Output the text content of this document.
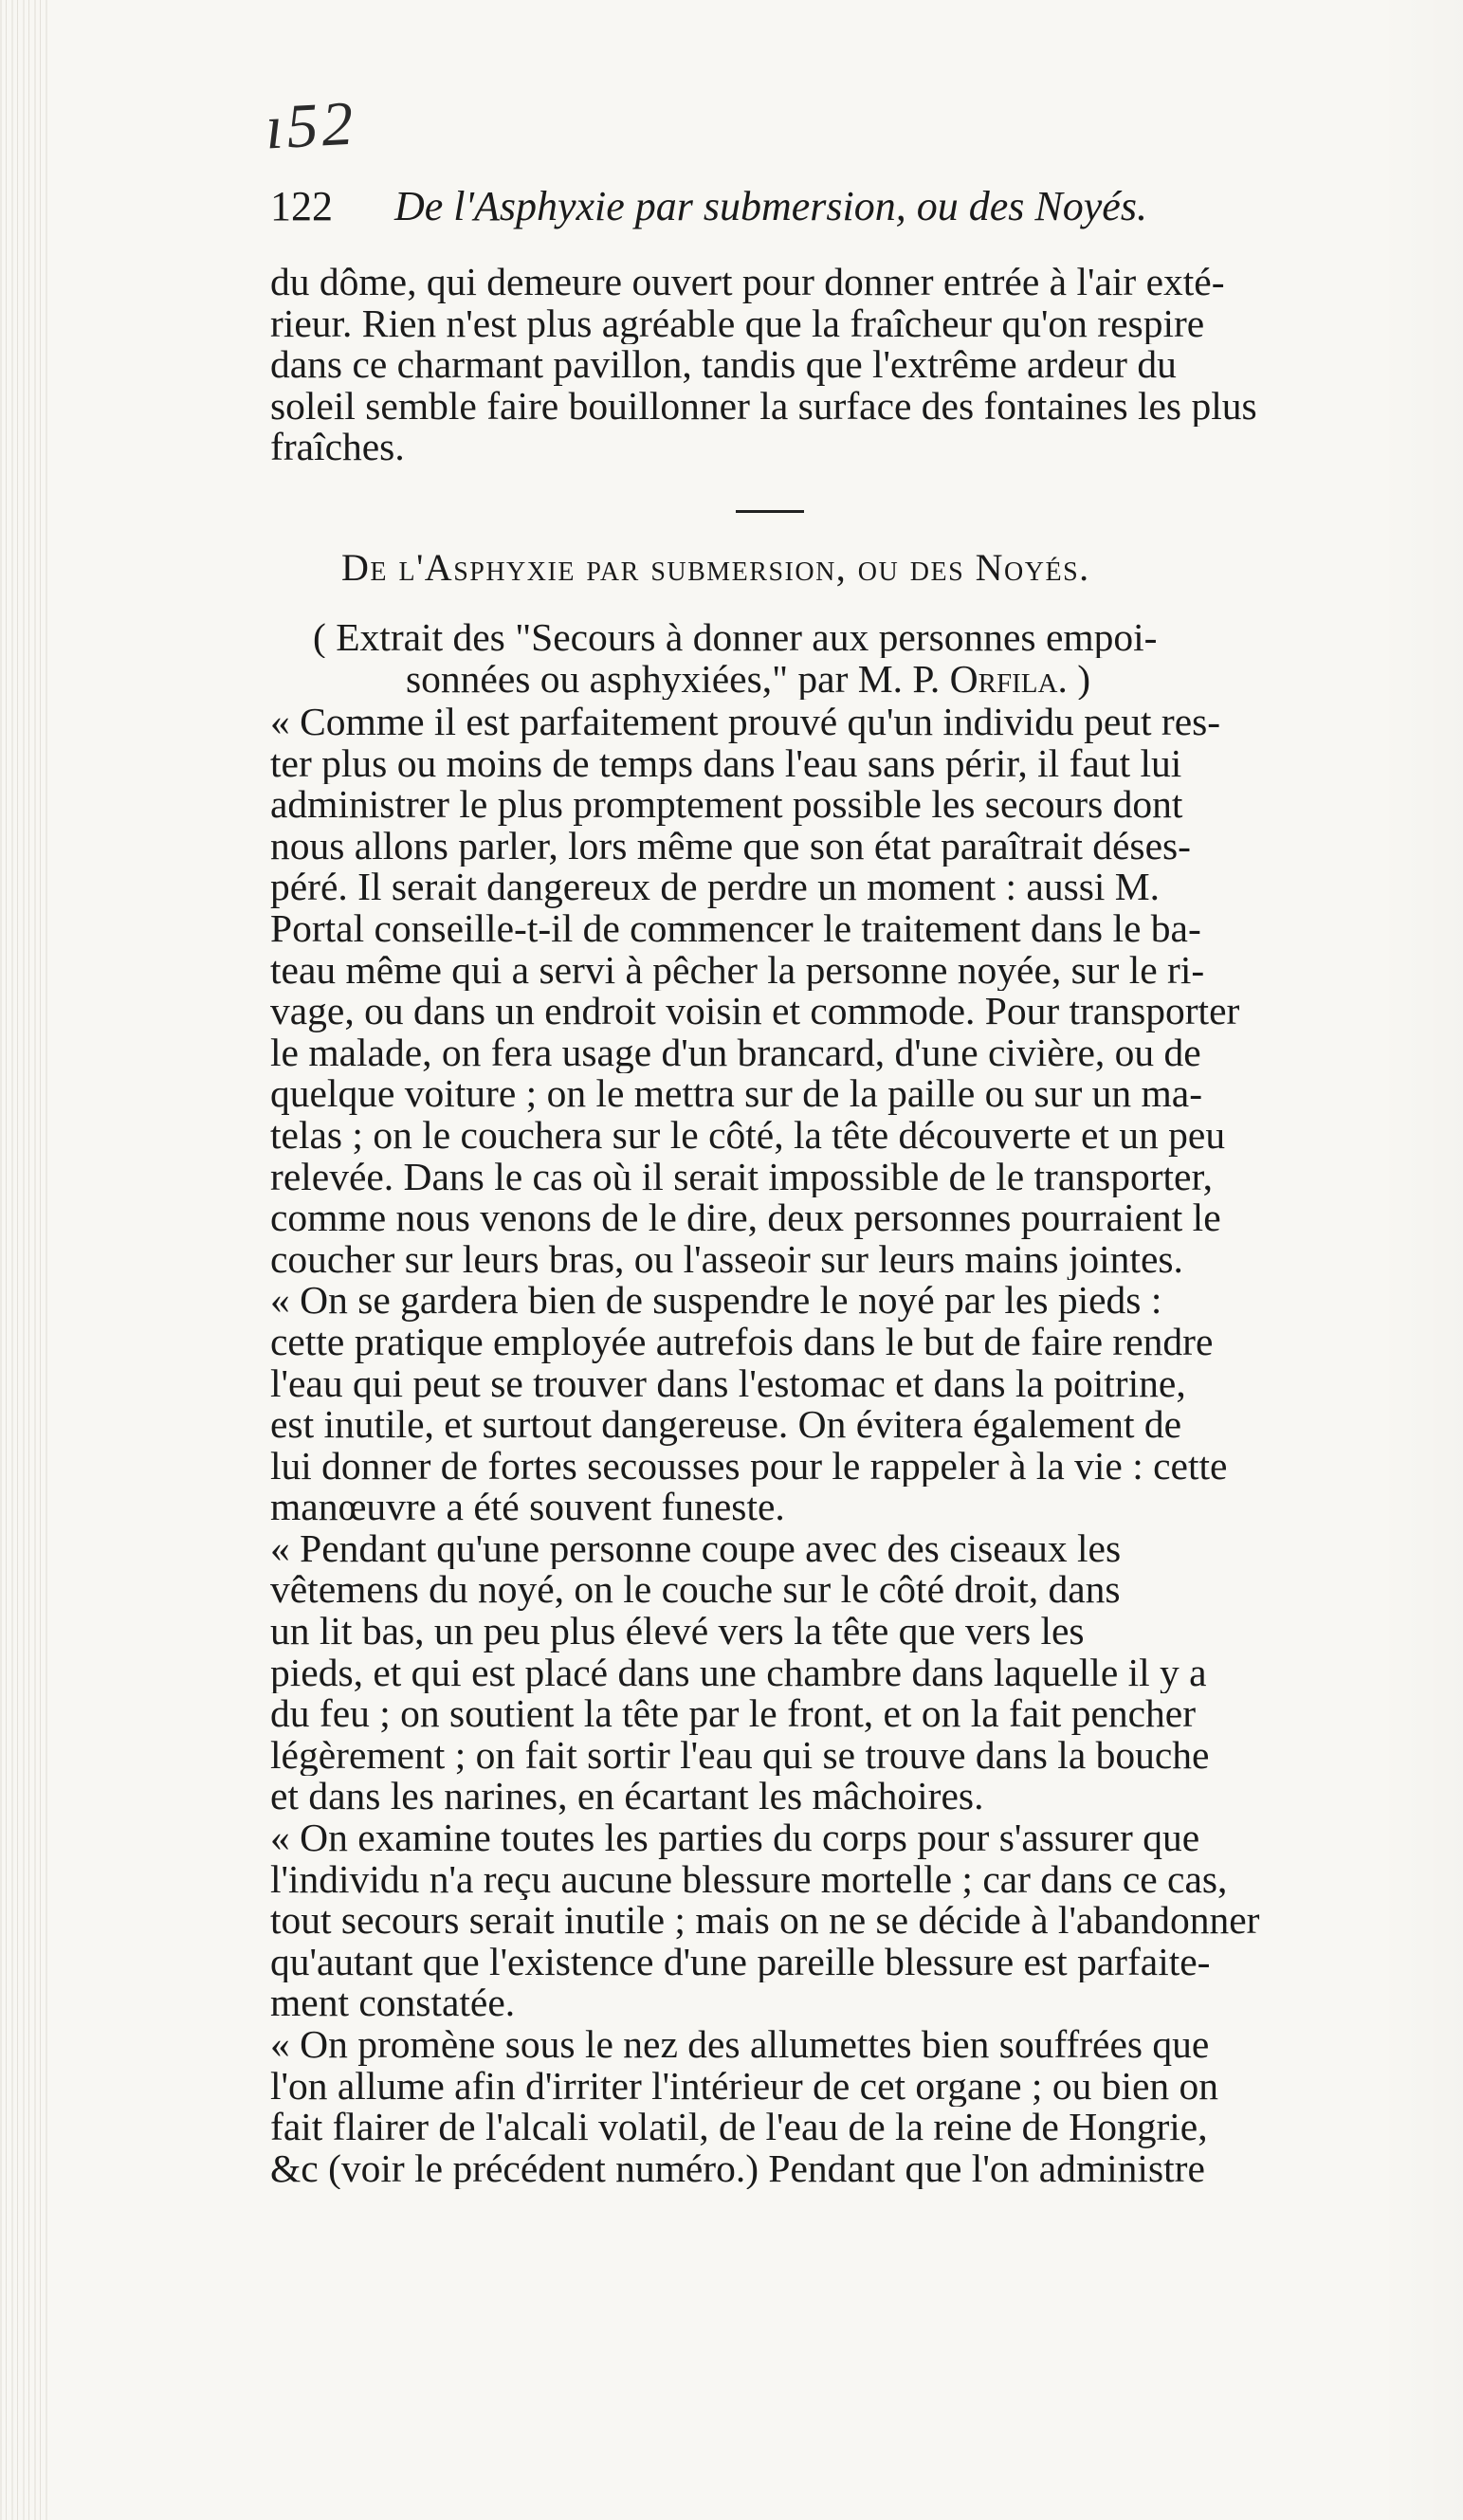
ı52
122 De l'Asphyxie par submersion, ou des Noyés.
du dôme, qui demeure ouvert pour donner entrée à l'air exté-
rieur. Rien n'est plus agréable que la fraîcheur qu'on respire
dans ce charmant pavillon, tandis que l'extrême ardeur du
soleil semble faire bouillonner la surface des fontaines les plus
fraîches.
De l'Asphyxie par submersion, ou des Noyés.
( Extrait des "Secours à donner aux personnes empoi-
sonnées ou asphyxiées," par M. P. Orfila. )
« Comme il est parfaitement prouvé qu'un individu peut res-
ter plus ou moins de temps dans l'eau sans périr, il faut lui
administrer le plus promptement possible les secours dont
nous allons parler, lors même que son état paraîtrait déses-
péré. Il serait dangereux de perdre un moment : aussi M.
Portal conseille-t-il de commencer le traitement dans le ba-
teau même qui a servi à pêcher la personne noyée, sur le ri-
vage, ou dans un endroit voisin et commode. Pour transporter
le malade, on fera usage d'un brancard, d'une civière, ou de
quelque voiture ; on le mettra sur de la paille ou sur un ma-
telas ; on le couchera sur le côté, la tête découverte et un peu
relevée. Dans le cas où il serait impossible de le transporter,
comme nous venons de le dire, deux personnes pourraient le
coucher sur leurs bras, ou l'asseoir sur leurs mains jointes.
« On se gardera bien de suspendre le noyé par les pieds :
cette pratique employée autrefois dans le but de faire rendre
l'eau qui peut se trouver dans l'estomac et dans la poitrine,
est inutile, et surtout dangereuse. On évitera également de
lui donner de fortes secousses pour le rappeler à la vie : cette
manœuvre a été souvent funeste.
« Pendant qu'une personne coupe avec des ciseaux les
vêtemens du noyé, on le couche sur le côté droit, dans
un lit bas, un peu plus élevé vers la tête que vers les
pieds, et qui est placé dans une chambre dans laquelle il y a
du feu ; on soutient la tête par le front, et on la fait pencher
légèrement ; on fait sortir l'eau qui se trouve dans la bouche
et dans les narines, en écartant les mâchoires.
« On examine toutes les parties du corps pour s'assurer que
l'individu n'a reçu aucune blessure mortelle ; car dans ce cas,
tout secours serait inutile ; mais on ne se décide à l'abandonner
qu'autant que l'existence d'une pareille blessure est parfaite-
ment constatée.
« On promène sous le nez des allumettes bien souffrées que
l'on allume afin d'irriter l'intérieur de cet organe ; ou bien on
fait flairer de l'alcali volatil, de l'eau de la reine de Hongrie,
&c (voir le précédent numéro.) Pendant que l'on administre
